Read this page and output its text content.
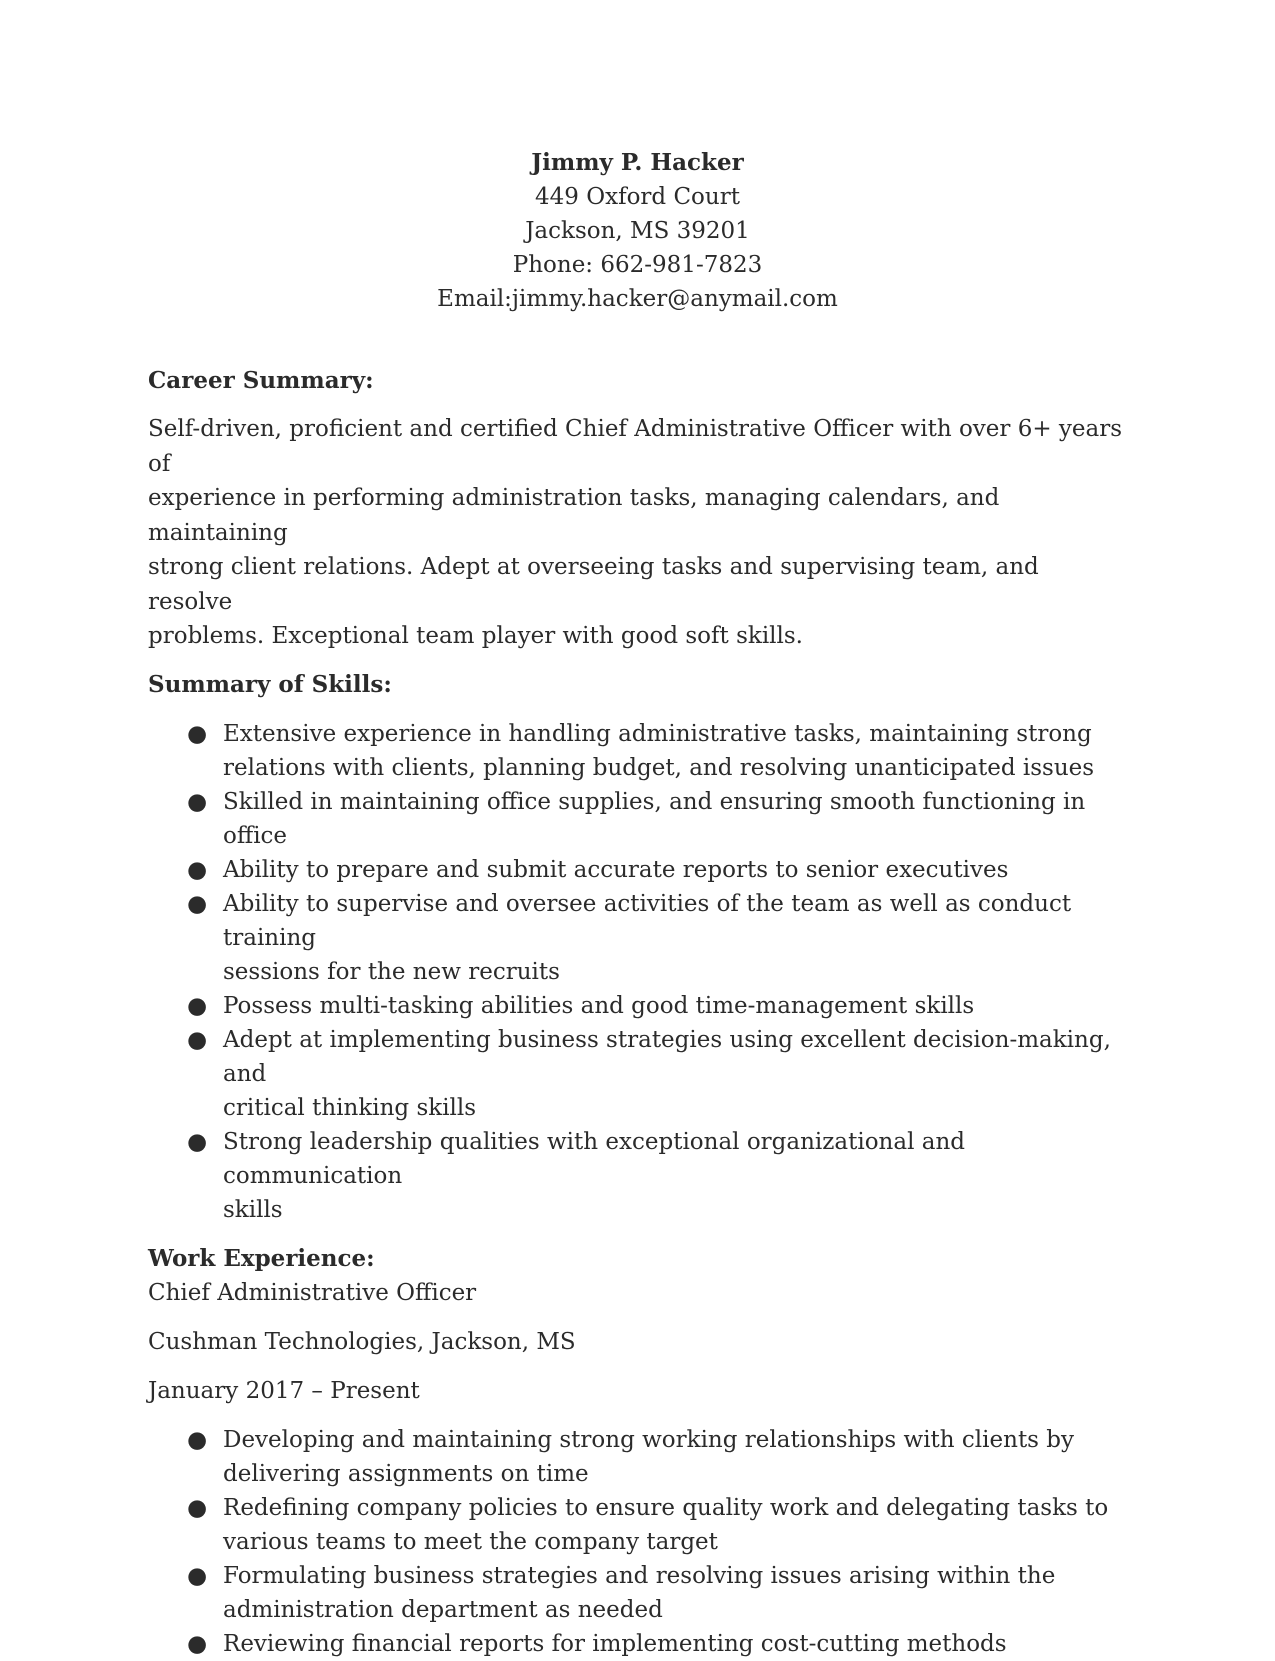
Jimmy P. Hacker
449 Oxford Court
Jackson, MS 39201
Phone: 662-981-7823
Email:jimmy.hacker@anymail.com
Career Summary:
Self-driven, proficient and certified Chief Administrative Officer with over 6+ years of
experience in performing administration tasks, managing calendars, and maintaining
strong client relations. Adept at overseeing tasks and supervising team, and resolve
problems. Exceptional team player with good soft skills.
Summary of Skills:
● Extensive experience in handling administrative tasks, maintaining strong
relations with clients, planning budget, and resolving unanticipated issues
● Skilled in maintaining office supplies, and ensuring smooth functioning in office
● Ability to prepare and submit accurate reports to senior executives
● Ability to supervise and oversee activities of the team as well as conduct training
sessions for the new recruits
● Possess multi-tasking abilities and good time-management skills
● Adept at implementing business strategies using excellent decision-making, and
critical thinking skills
● Strong leadership qualities with exceptional organizational and communication
skills
Work Experience:
Chief Administrative Officer
Cushman Technologies, Jackson, MS
January 2017 – Present
● Developing and maintaining strong working relationships with clients by
delivering assignments on time
● Redefining company policies to ensure quality work and delegating tasks to
various teams to meet the company target
● Formulating business strategies and resolving issues arising within the
administration department as needed
● Reviewing financial reports for implementing cost-cutting methods
